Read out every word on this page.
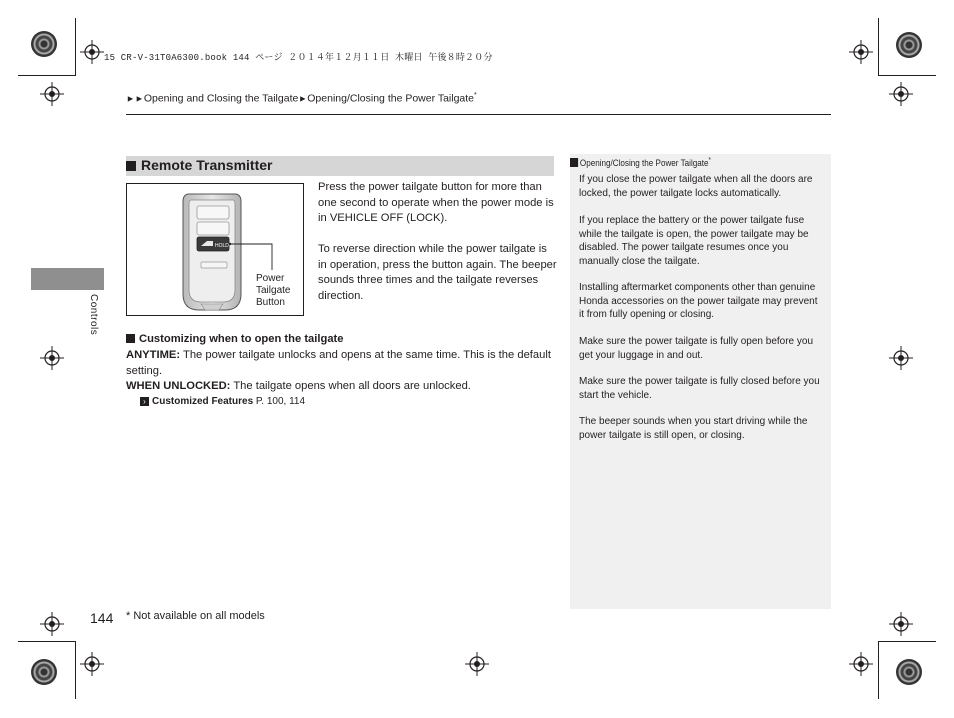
15 CR-V-31T0A6300.book 144 ページ ２０１４年１２月１１日 木曜日 午後８時２０分
►►Opening and Closing the Tailgate►Opening/Closing the Power Tailgate*
Controls
Remote Transmitter
HOLD
Power
Tailgate
Button
Press the power tailgate button for more than one second to operate when the power mode is in VEHICLE OFF (LOCK).
To reverse direction while the power tailgate is in operation, press the button again. The beeper sounds three times and the tailgate reverses direction.
Customizing when to open the tailgate
ANYTIME: The power tailgate unlocks and opens at the same time. This is the default setting.
WHEN UNLOCKED: The tailgate opens when all doors are unlocked.
› Customized Features P. 100, 114
Opening/Closing the Power Tailgate*
If you close the power tailgate when all the doors are locked, the power tailgate locks automatically.
If you replace the battery or the power tailgate fuse while the tailgate is open, the power tailgate may be disabled. The power tailgate resumes once you manually close the tailgate.
Installing aftermarket components other than genuine Honda accessories on the power tailgate may prevent it from fully opening or closing.
Make sure the power tailgate is fully open before you get your luggage in and out.
Make sure the power tailgate is fully closed before you start the vehicle.
The beeper sounds when you start driving while the power tailgate is still open, or closing.
144 * Not available on all models
